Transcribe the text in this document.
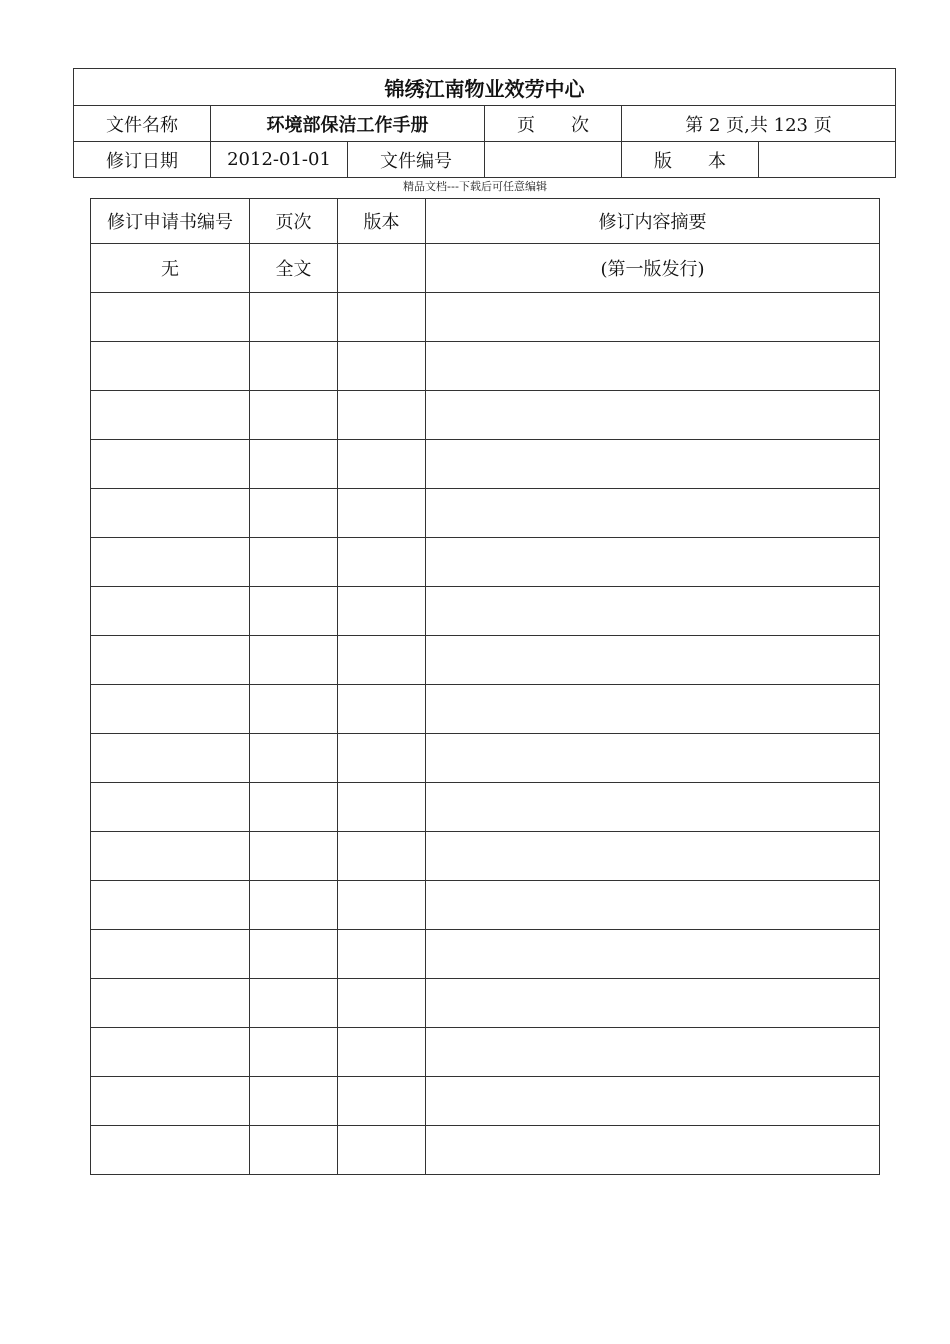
锦绣江南物业效劳中心					
文件名称	环境部保洁工作手册		页　　次	第 2 页,共 123 页	
修订日期	2012-01-01	文件编号		版　　本	
精品文档---下载后可任意编辑
修订申请书编号	页次	版本	修订内容摘要
无	全文		(第一版发行)
